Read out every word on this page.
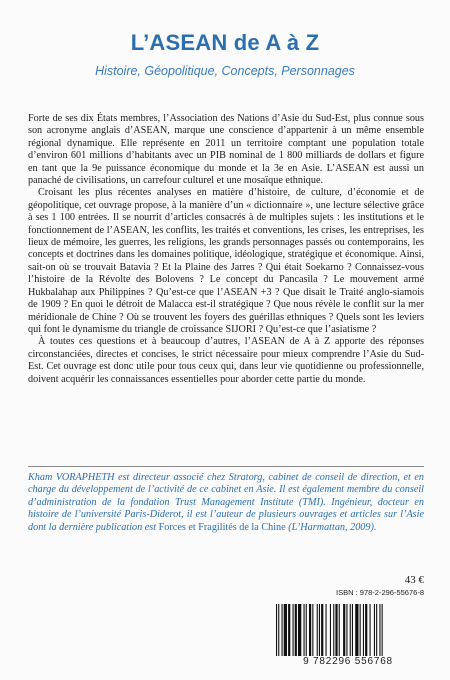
L’ASEAN de A à Z
Histoire, Géopolitique, Concepts, Personnages

Forte de ses dix États membres, l’Association des Nations d’Asie du Sud-Est, plus connue sous son acronyme anglais d’ASEAN, marque une conscience d’appartenir à un même ensemble régional dynamique. Elle représente en 2011 un territoire comptant une population totale d’environ 601 millions d’habitants avec un PIB nominal de 1 800 milliards de dollars et figure en tant que la 9e puissance économique du monde et la 3e en Asie. L’ASEAN est aussi un panaché de civilisations, un carrefour culturel et une mosaïque ethnique.

Croisant les plus récentes analyses en matière d’histoire, de culture, d’économie et de géopolitique, cet ouvrage propose, à la manière d’un « dictionnaire », une lecture sélective grâce à ses 1 100 entrées. Il se nourrit d’articles consacrés à de multiples sujets : les institutions et le fonctionnement de l’ASEAN, les conflits, les traités et conventions, les crises, les entreprises, les lieux de mémoire, les guerres, les religions, les grands personnages passés ou contemporains, les concepts et doctrines dans les domaines politique, idéologique, stratégique et économique. Ainsi, sait-on où se trouvait Batavia ? Et la Plaine des Jarres ? Qui était Soekarno ? Connaissez-vous l’histoire de la Révolte des Bolovens ? Le concept du Pancasila ? Le mouvement armé Hukbalahap aux Philippines ? Qu’est-ce que l’ASEAN +3 ? Que disait le Traité anglo-siamois de 1909 ? En quoi le détroit de Malacca est-il stratégique ? Que nous révèle le conflit sur la mer méridionale de Chine ? Où se trouvent les foyers des guérillas ethniques ? Quels sont les leviers qui font le dynamisme du triangle de croissance SIJORI ? Qu’est-ce que l’asiatisme ?

À toutes ces questions et à beaucoup d’autres, l’ASEAN de A à Z apporte des réponses circonstanciées, directes et concises, le strict nécessaire pour mieux comprendre l’Asie du Sud-Est. Cet ouvrage est donc utile pour tous ceux qui, dans leur vie quotidienne ou professionnelle, doivent acquérir les connaissances essentielles pour aborder cette partie du monde.

Kham VORAPHETH est directeur associé chez Stratorg, cabinet de conseil de direction, et en charge du développement de l’activité de ce cabinet en Asie. Il est également membre du conseil d’administration de la fondation Trust Management Institute (TMI). Ingénieur, docteur en histoire de l’université Paris-Diderot, il est l’auteur de plusieurs ouvrages et articles sur l’Asie dont la dernière publication est Forces et Fragilités de la Chine (L’Harmattan, 2009).
43 €
ISBN : 978-2-296-55676-8
9 782296 556768
